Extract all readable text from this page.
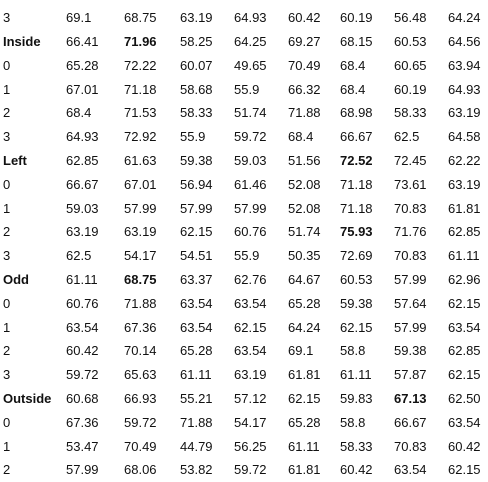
3	69.1	68.75	63.19	64.93	60.42	60.19	56.48	64.24
Inside	66.41	71.96	58.25	64.25	69.27	68.15	60.53	64.56
0	65.28	72.22	60.07	49.65	70.49	68.4	60.65	63.94
1	67.01	71.18	58.68	55.9	66.32	68.4	60.19	64.93
2	68.4	71.53	58.33	51.74	71.88	68.98	58.33	63.19
3	64.93	72.92	55.9	59.72	68.4	66.67	62.5	64.58
Left	62.85	61.63	59.38	59.03	51.56	72.52	72.45	62.22
0	66.67	67.01	56.94	61.46	52.08	71.18	73.61	63.19
1	59.03	57.99	57.99	57.99	52.08	71.18	70.83	61.81
2	63.19	63.19	62.15	60.76	51.74	75.93	71.76	62.85
3	62.5	54.17	54.51	55.9	50.35	72.69	70.83	61.11
Odd	61.11	68.75	63.37	62.76	64.67	60.53	57.99	62.96
0	60.76	71.88	63.54	63.54	65.28	59.38	57.64	62.15
1	63.54	67.36	63.54	62.15	64.24	62.15	57.99	63.54
2	60.42	70.14	65.28	63.54	69.1	58.8	59.38	62.85
3	59.72	65.63	61.11	63.19	61.81	61.11	57.87	62.15
Outside	60.68	66.93	55.21	57.12	62.15	59.83	67.13	62.50
0	67.36	59.72	71.88	54.17	65.28	58.8	66.67	63.54
1	53.47	70.49	44.79	56.25	61.11	58.33	70.83	60.42
2	57.99	68.06	53.82	59.72	61.81	60.42	63.54	62.15
